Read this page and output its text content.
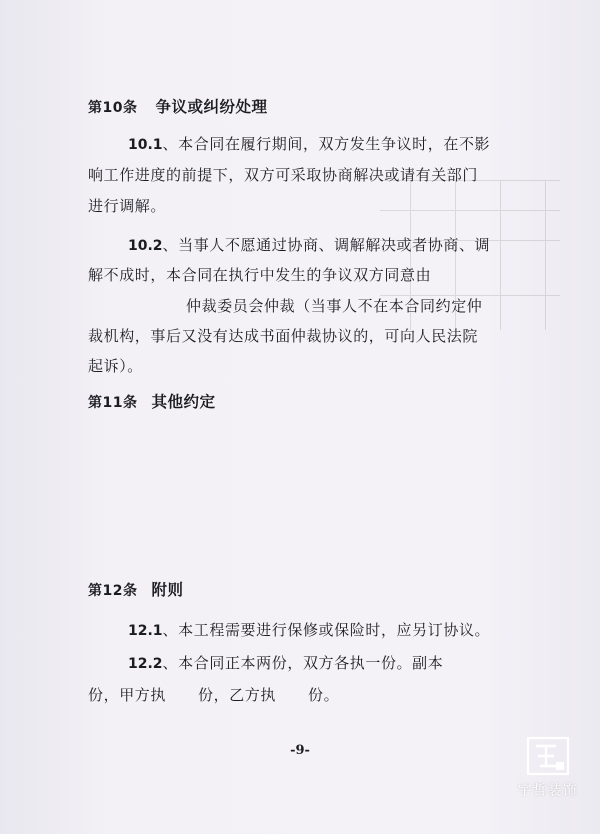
第10条 争议或纠纷处理
10.1、本合同在履行期间，双方发生争议时，在不影
响工作进度的前提下，双方可采取协商解决或请有关部门
进行调解。
10.2、当事人不愿通过协商、调解解决或者协商、调
解不成时，本合同在执行中发生的争议双方同意由
仲裁委员会仲裁（当事人不在本合同约定仲
裁机构，事后又没有达成书面仲裁协议的，可向人民法院
起诉）。
第11条 其他约定
第12条 附则
12.1、本工程需要进行保修或保险时，应另订协议。
12.2、本合同正本两份，双方各执一份。副本
份，甲方执 份，乙方执 份。
-9-
宇哲装饰
